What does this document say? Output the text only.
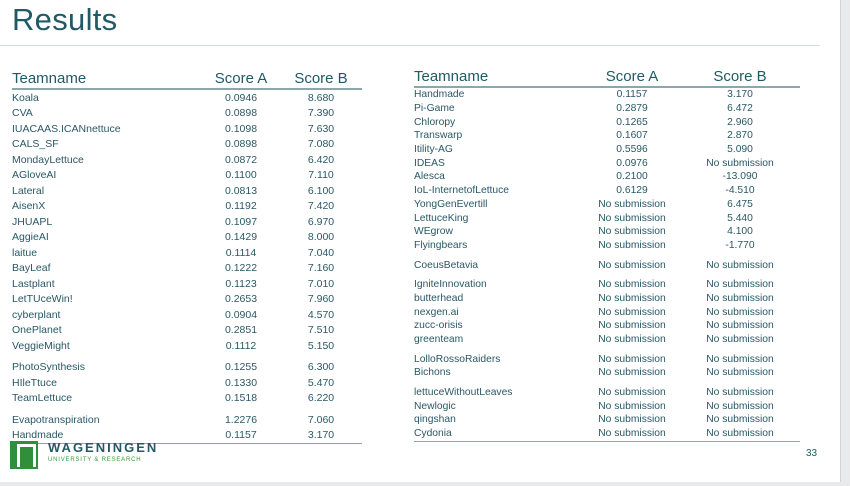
Results
Teamname	Score A	Score B
Koala	0.0946	8.680
CVA	0.0898	7.390
IUACAAS.ICANnettuce	0.1098	7.630
CALS_SF	0.0898	7.080
MondayLettuce	0.0872	6.420
AGloveAI	0.1100	7.110
Lateral	0.0813	6.100
AisenX	0.1192	7.420
JHUAPL	0.1097	6.970
AggieAI	0.1429	8.000
laitue	0.1114	7.040
BayLeaf	0.1222	7.160
Lastplant	0.1123	7.010
LetTUceWin!	0.2653	7.960
cyberplant	0.0904	4.570
OnePlanet	0.2851	7.510
VeggieMight	0.1112	5.150
PhotoSynthesis	0.1255	6.300
HIleTtuce	0.1330	5.470
TeamLettuce	0.1518	6.220
Evapotranspiration	1.2276	7.060
Handmade	0.1157	3.170
Teamname	Score A	Score B
Handmade	0.1157	3.170
Pi-Game	0.2879	6.472
Chloropy	0.1265	2.960
Transwarp	0.1607	2.870
Itility-AG	0.5596	5.090
IDEAS	0.0976	No submission
Alesca	0.2100	-13.090
IoL-InternetofLettuce	0.6129	-4.510
YongGenEvertill	No submission	6.475
LettuceKing	No submission	5.440
WEgrow	No submission	4.100
Flyingbears	No submission	-1.770
CoeusBetavia	No submission	No submission
IgniteInnovation	No submission	No submission
butterhead	No submission	No submission
nexgen.ai	No submission	No submission
zucc-orisis	No submission	No submission
greenteam	No submission	No submission
LolloRossoRaiders	No submission	No submission
Bichons	No submission	No submission
lettuceWithoutLeaves	No submission	No submission
Newlogic	No submission	No submission
qingshan	No submission	No submission
Cydonia	No submission	No submission
WAGENINGEN
UNIVERSITY & RESEARCH
33
